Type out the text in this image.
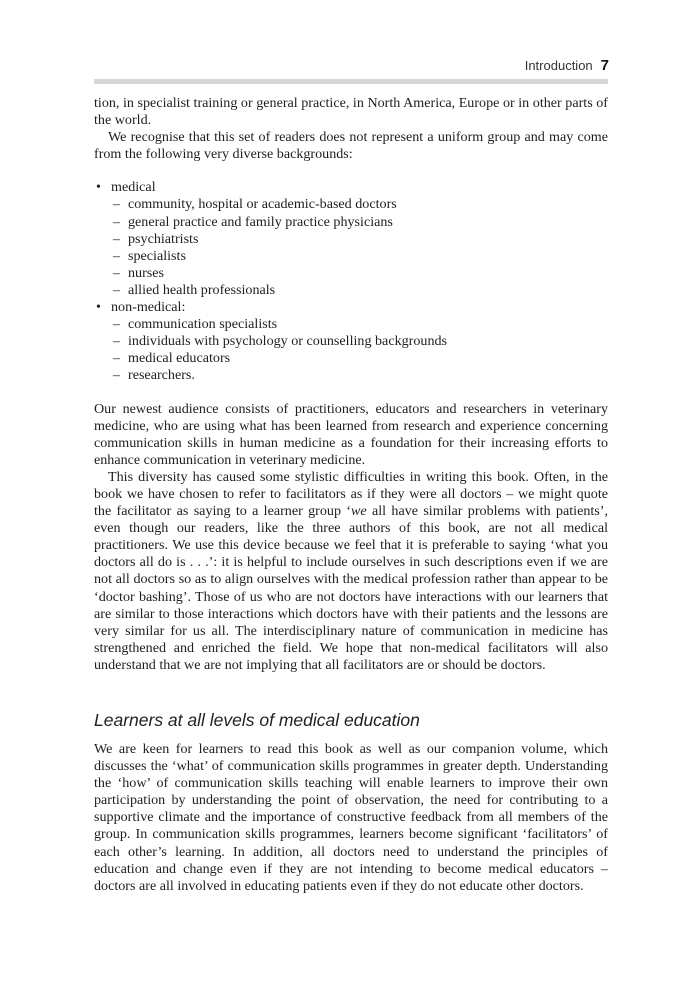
Introduction 7

tion, in specialist training or general practice, in North America, Europe or in other parts of the world.

We recognise that this set of readers does not represent a uniform group and may come from the following very diverse backgrounds:

• medical
– community, hospital or academic-based doctors
– general practice and family practice physicians
– psychiatrists
– specialists
– nurses
– allied health professionals
• non-medical:
– communication specialists
– individuals with psychology or counselling backgrounds
– medical educators
– researchers.

Our newest audience consists of practitioners, educators and researchers in veterinary medicine, who are using what has been learned from research and experience concerning communication skills in human medicine as a foundation for their increasing efforts to enhance communication in veterinary medicine.

This diversity has caused some stylistic difficulties in writing this book. Often, in the book we have chosen to refer to facilitators as if they were all doctors – we might quote the facilitator as saying to a learner group ‘we all have similar problems with patients’, even though our readers, like the three authors of this book, are not all medical practitioners. We use this device because we feel that it is preferable to saying ‘what you doctors all do is . . .’: it is helpful to include ourselves in such descriptions even if we are not all doctors so as to align ourselves with the medical profession rather than appear to be ‘doctor bashing’. Those of us who are not doctors have interactions with our learners that are similar to those interactions which doctors have with their patients and the lessons are very similar for us all. The interdisciplinary nature of communication in medicine has strengthened and enriched the field. We hope that non-medical facilitators will also understand that we are not implying that all facilitators are or should be doctors.

Learners at all levels of medical education

We are keen for learners to read this book as well as our companion volume, which discusses the ‘what’ of communication skills programmes in greater depth. Understanding the ‘how’ of communication skills teaching will enable learners to improve their own participation by understanding the point of observation, the need for contributing to a supportive climate and the importance of constructive feedback from all members of the group. In communication skills programmes, learners become significant ‘facilitators’ of each other’s learning. In addition, all doctors need to understand the principles of education and change even if they are not intending to become medical educators – doctors are all involved in educating patients even if they do not educate other doctors.
